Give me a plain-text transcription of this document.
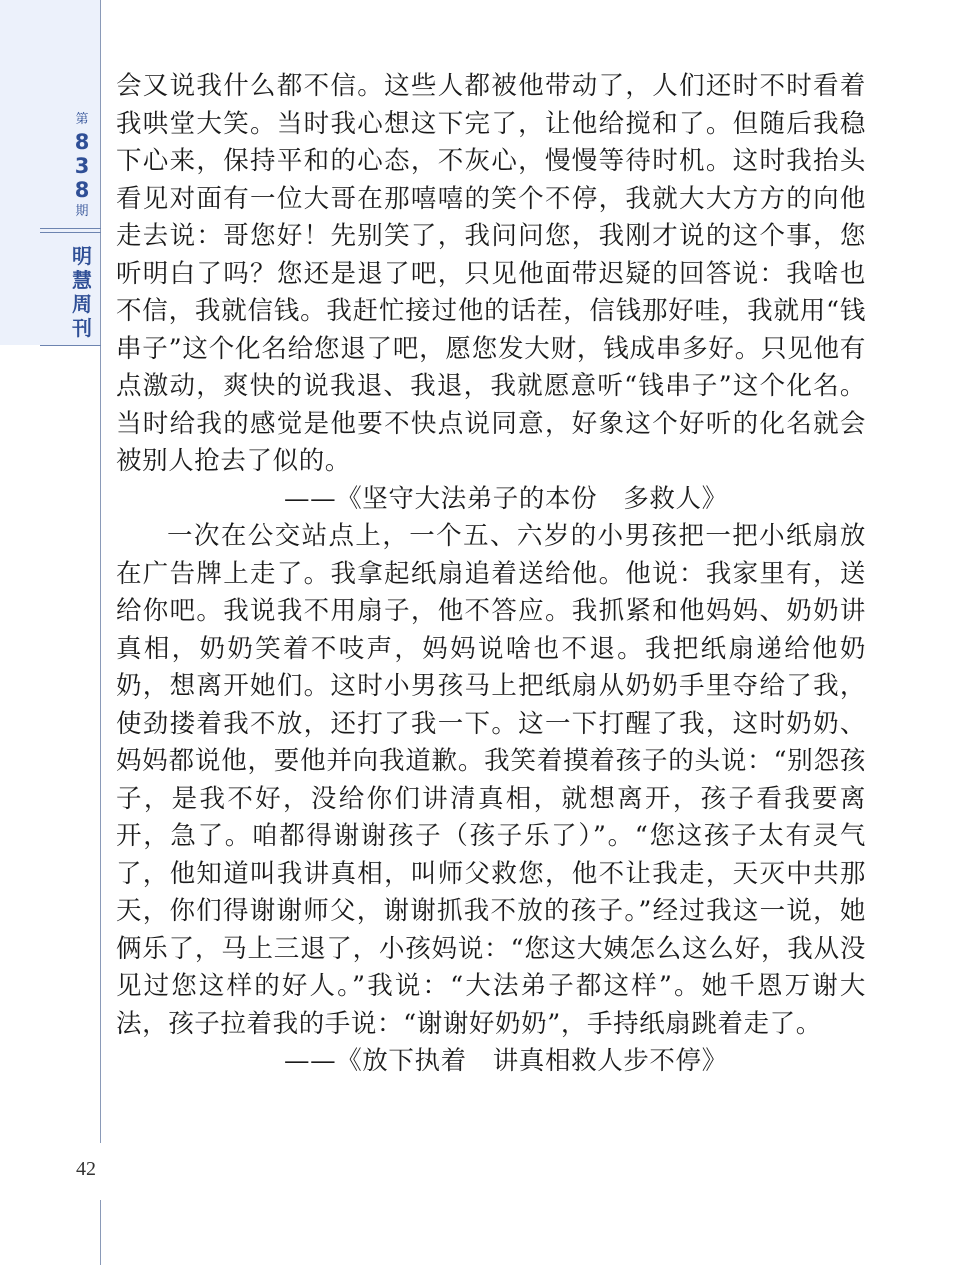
第
8
3
8
期
明
慧
周
刊
42

会又说我什么都不信。这些人都被他带动了，人们还时不时看着我哄堂大笑。当时我心想这下完了，让他给搅和了。但随后我稳下心来，保持平和的心态，不灰心，慢慢等待时机。这时我抬头看见对面有一位大哥在那嘻嘻的笑个不停，我就大大方方的向他走去说：哥您好！先别笑了，我问问您，我刚才说的这个事，您听明白了吗？您还是退了吧，只见他面带迟疑的回答说：我啥也不信，我就信钱。我赶忙接过他的话茬，信钱那好哇，我就用“钱串子”这个化名给您退了吧，愿您发大财，钱成串多好。只见他有点激动，爽快的说我退、我退，我就愿意听“钱串子”这个化名。当时给我的感觉是他要不快点说同意，好象这个好听的化名就会被别人抢去了似的。

——《坚守大法弟子的本份　多救人》

一次在公交站点上，一个五、六岁的小男孩把一把小纸扇放在广告牌上走了。我拿起纸扇追着送给他。他说：我家里有，送给你吧。我说我不用扇子，他不答应。我抓紧和他妈妈、奶奶讲真相，奶奶笑着不吱声，妈妈说啥也不退。我把纸扇递给他奶奶，想离开她们。这时小男孩马上把纸扇从奶奶手里夺给了我，使劲搂着我不放，还打了我一下。这一下打醒了我，这时奶奶、妈妈都说他，要他并向我道歉。我笑着摸着孩子的头说：“别怨孩子，是我不好，没给你们讲清真相，就想离开，孩子看我要离开，急了。咱都得谢谢孩子（孩子乐了）”。“您这孩子太有灵气了，他知道叫我讲真相，叫师父救您，他不让我走，天灭中共那天，你们得谢谢师父，谢谢抓我不放的孩子。”经过我这一说，她俩乐了，马上三退了，小孩妈说：“您这大姨怎么这么好，我从没见过您这样的好人。”我说：“大法弟子都这样”。她千恩万谢大法，孩子拉着我的手说：“谢谢好奶奶”，手持纸扇跳着走了。

——《放下执着　讲真相救人步不停》
